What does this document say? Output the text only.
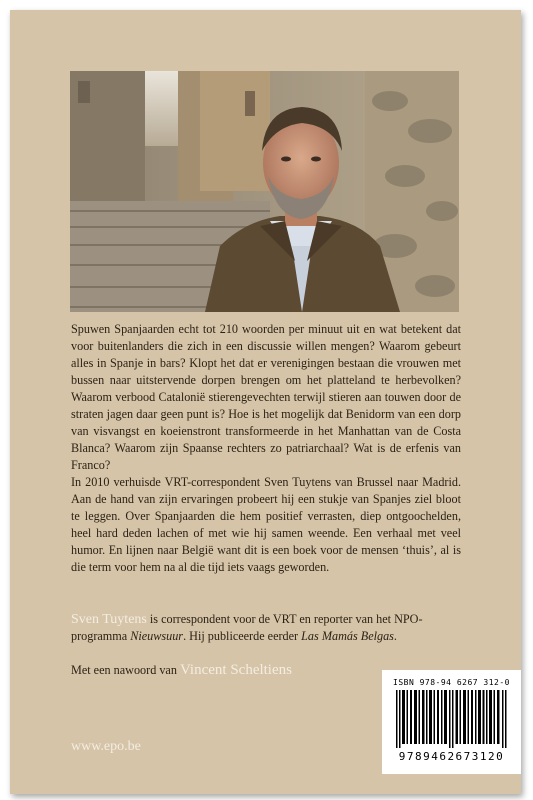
Spuwen Spanjaarden echt tot 210 woorden per minuut uit en wat betekent dat voor buitenlanders die zich in een discussie willen mengen? Waarom gebeurt alles in Spanje in bars? Klopt het dat er verenigingen bestaan die vrouwen met bussen naar uitstervende dorpen brengen om het platteland te herbevolken? Waarom verbood Catalonië stierengevechten terwijl stieren aan touwen door de straten jagen daar geen punt is? Hoe is het mogelijk dat Benidorm van een dorp van visvangst en koeienstront transformeerde in het Manhattan van de Costa Blanca? Waarom zijn Spaanse rechters zo patriarchaal? Wat is de erfenis van Franco?
In 2010 verhuisde VRT-correspondent Sven Tuytens van Brussel naar Madrid. Aan de hand van zijn ervaringen probeert hij een stukje van Spanjes ziel bloot te leggen. Over Spanjaarden die hem positief verrasten, diep ontgoochelden, heel hard deden lachen of met wie hij samen weende. Een verhaal met veel humor. En lijnen naar België want dit is een boek voor de mensen ‘thuis’, al is die term voor hem na al die tijd iets vaags geworden.

Sven Tuytens is correspondent voor de VRT en reporter van het NPO-programma Nieuwsuur. Hij publiceerde eerder Las Mamás Belgas.

Met een nawoord van Vincent Scheltiens

www.epo.be

ISBN 978-94 6267 312-0
9789462673120
